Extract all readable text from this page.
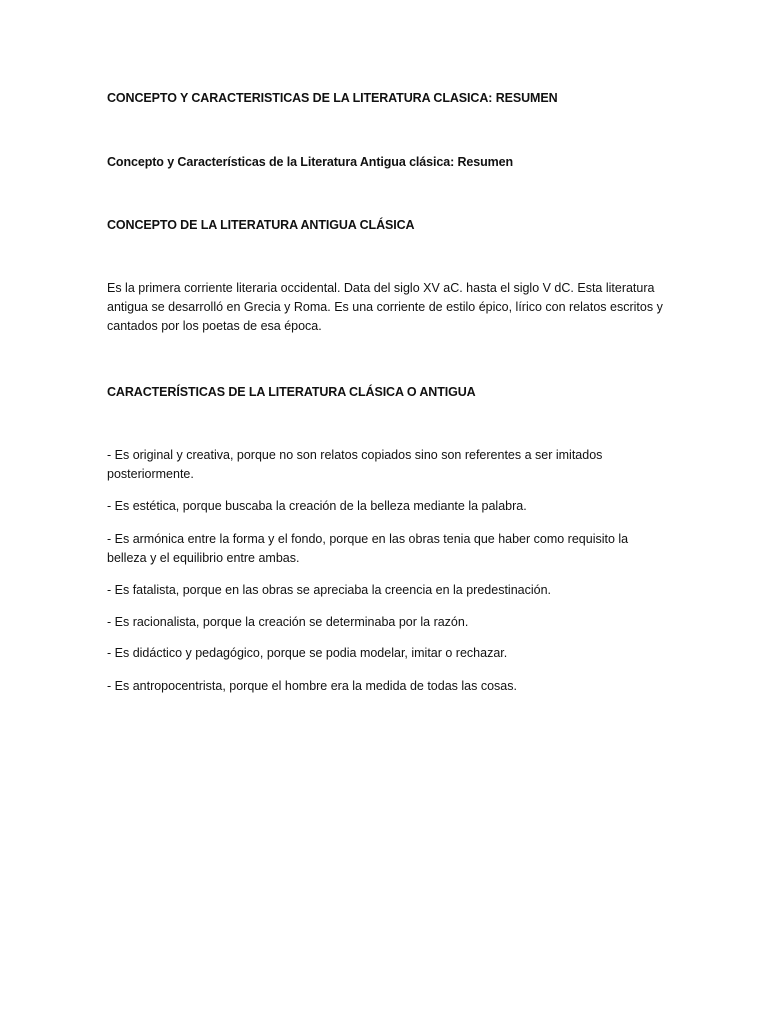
CONCEPTO Y CARACTERISTICAS DE LA LITERATURA CLASICA: RESUMEN

Concepto y Características de la Literatura Antigua clásica: Resumen

CONCEPTO DE LA LITERATURA ANTIGUA CLÁSICA

Es la primera corriente literaria occidental. Data del siglo XV aC. hasta el siglo V dC. Esta literatura antigua se desarrolló en Grecia y Roma. Es una corriente de estilo épico, lírico con relatos escritos y cantados por los poetas de esa época.

CARACTERÍSTICAS DE LA LITERATURA CLÁSICA O ANTIGUA

- Es original y creativa, porque no son relatos copiados sino son referentes a ser imitados posteriormente.

- Es estética, porque buscaba la creación de la belleza mediante la palabra.

- Es armónica entre la forma y el fondo, porque en las obras tenia que haber como requisito la belleza y el equilibrio entre ambas.

- Es fatalista, porque en las obras se apreciaba la creencia en la predestinación.

- Es racionalista, porque la creación se determinaba por la razón.

- Es didáctico y pedagógico, porque se podia modelar, imitar o rechazar.

- Es antropocentrista, porque el hombre era la medida de todas las cosas.
